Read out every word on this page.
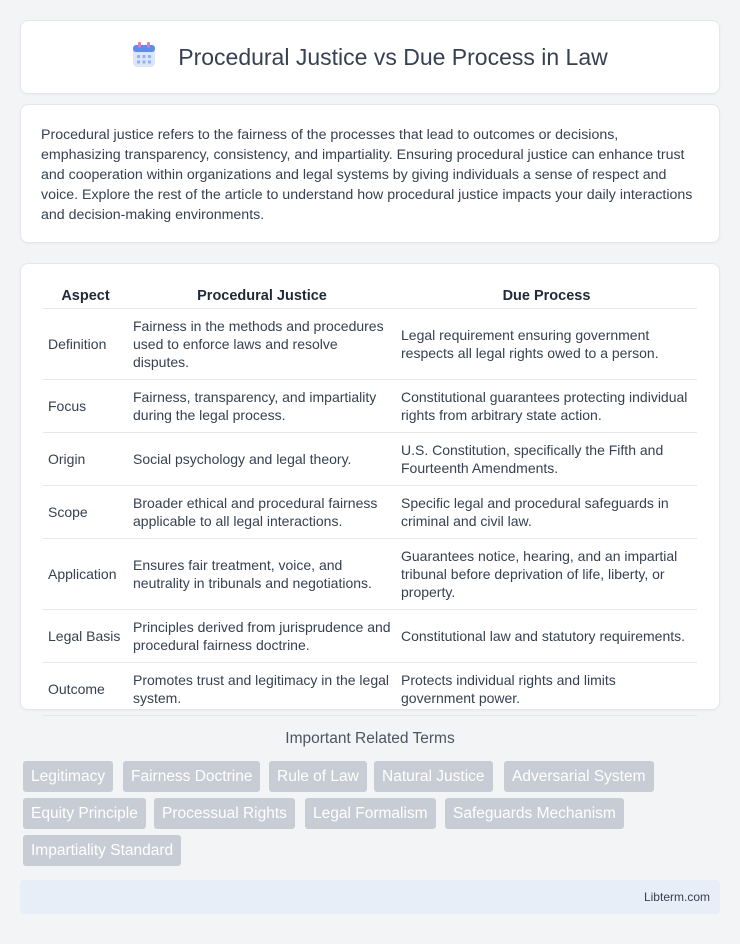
Procedural Justice vs Due Process in Law

Procedural justice refers to the fairness of the processes that lead to outcomes or decisions, emphasizing transparency, consistency, and impartiality. Ensuring procedural justice can enhance trust and cooperation within organizations and legal systems by giving individuals a sense of respect and voice. Explore the rest of the article to understand how procedural justice impacts your daily interactions and decision-making environments.

Aspect	Procedural Justice	Due Process
Definition	Fairness in the methods and procedures used to enforce laws and resolve disputes.	Legal requirement ensuring government respects all legal rights owed to a person.
Focus	Fairness, transparency, and impartiality during the legal process.	Constitutional guarantees protecting individual rights from arbitrary state action.
Origin	Social psychology and legal theory.	U.S. Constitution, specifically the Fifth and Fourteenth Amendments.
Scope	Broader ethical and procedural fairness applicable to all legal interactions.	Specific legal and procedural safeguards in criminal and civil law.
Application	Ensures fair treatment, voice, and neutrality in tribunals and negotiations.	Guarantees notice, hearing, and an impartial tribunal before deprivation of life, liberty, or property.
Legal Basis	Principles derived from jurisprudence and procedural fairness doctrine.	Constitutional law and statutory requirements.
Outcome	Promotes trust and legitimacy in the legal system.	Protects individual rights and limits government power.
Important Related Terms
Legitimacy	Fairness Doctrine	Rule of Law	Natural Justice	Adversarial System
Equity Principle	Processual Rights	Legal Formalism	Safeguards Mechanism
Impartiality Standard
Libterm.com
